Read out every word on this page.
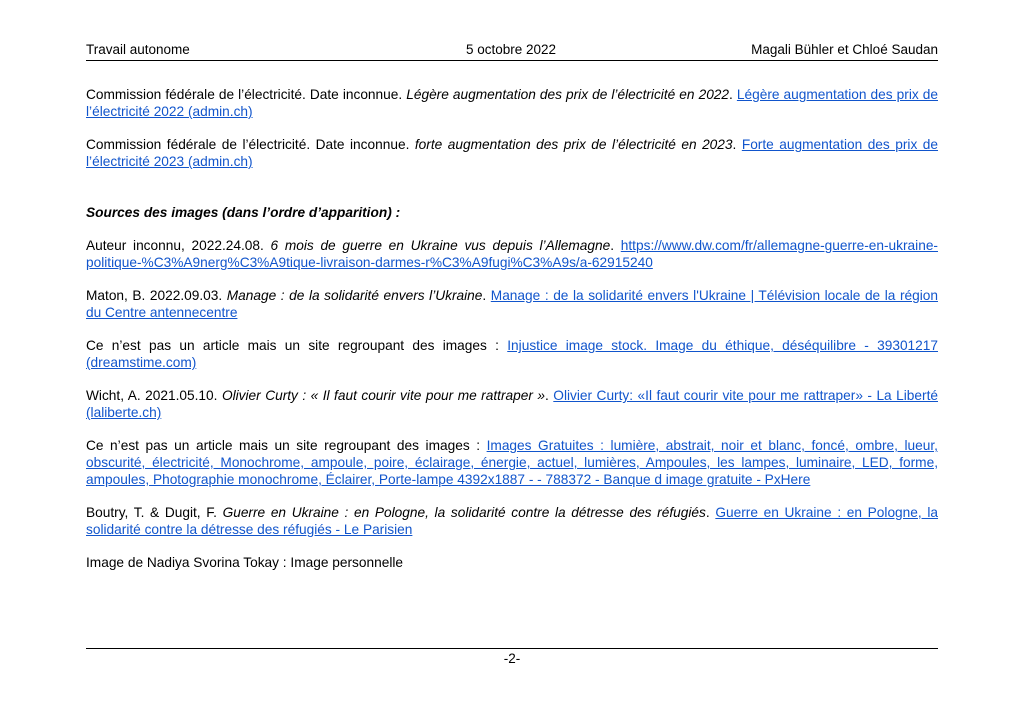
Travail autonome	5 octobre 2022	Magali Bühler et Chloé Saudan

Commission fédérale de l’électricité. Date inconnue. Légère augmentation des prix de l’électricité en 2022. Légère augmentation des prix de l’électricité 2022 (admin.ch)

Commission fédérale de l’électricité. Date inconnue. forte augmentation des prix de l’électricité en 2023. Forte augmentation des prix de l’électricité 2023 (admin.ch)

Sources des images (dans l’ordre d’apparition) :

Auteur inconnu, 2022.24.08. 6 mois de guerre en Ukraine vus depuis l’Allemagne. https://www.dw.com/fr/allemagne-guerre-en-ukraine-politique-%C3%A9nerg%C3%A9tique-livraison-darmes-r%C3%A9fugi%C3%A9s/a-62915240

Maton, B. 2022.09.03. Manage : de la solidarité envers l’Ukraine. Manage : de la solidarité envers l'Ukraine | Télévision locale de la région du Centre antennecentre

Ce n’est pas un article mais un site regroupant des images : Injustice image stock. Image du éthique, déséquilibre - 39301217 (dreamstime.com)

Wicht, A. 2021.05.10. Olivier Curty : « Il faut courir vite pour me rattraper ». Olivier Curty: «Il faut courir vite pour me rattraper» - La Liberté (laliberte.ch)

Ce n’est pas un article mais un site regroupant des images : Images Gratuites : lumière, abstrait, noir et blanc, foncé, ombre, lueur, obscurité, électricité, Monochrome, ampoule, poire, éclairage, énergie, actuel, lumières, Ampoules, les lampes, luminaire, LED, forme, ampoules, Photographie monochrome, Éclairer, Porte-lampe 4392x1887 - - 788372 - Banque d image gratuite - PxHere

Boutry, T. & Dugit, F. Guerre en Ukraine : en Pologne, la solidarité contre la détresse des réfugiés. Guerre en Ukraine : en Pologne, la solidarité contre la détresse des réfugiés - Le Parisien

Image de Nadiya Svorina Tokay : Image personnelle

-2-
